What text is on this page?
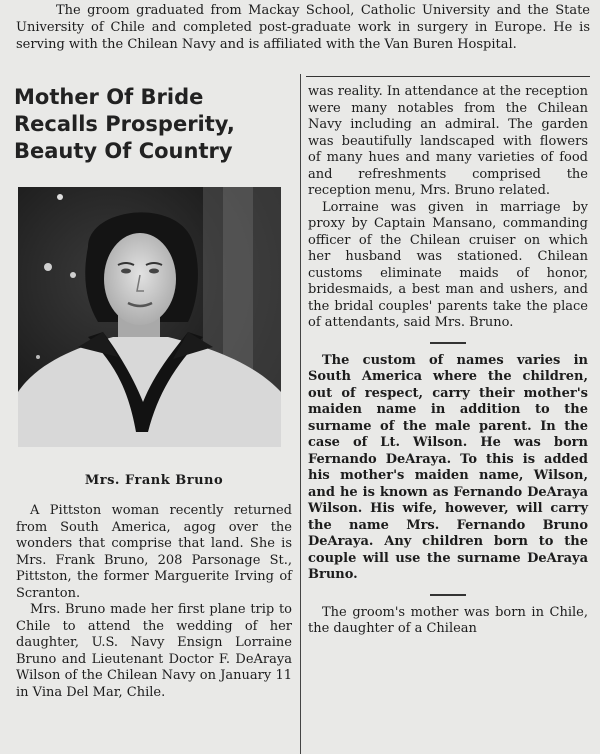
The groom graduated from Mackay School, Catholic University and the State University of Chile and completed post-graduate work in surgery in Europe. He is serving with the Chilean Navy and is affiliated with the Van Buren Hospital.

Mother Of Bride
Recalls Prosperity,
Beauty Of Country
Mrs. Frank Bruno

A Pittston woman recently returned from South America, agog over the wonders that comprise that land. She is Mrs. Frank Bruno, 208 Parsonage St., Pittston, the former Marguerite Irving of Scranton.

Mrs. Bruno made her first plane trip to Chile to attend the wedding of her daughter, U.S. Navy Ensign Lorraine Bruno and Lieutenant Doctor F. DeAraya Wilson of the Chilean Navy on January 11 in Vina Del Mar, Chile.

was reality. In attendance at the reception were many notables from the Chilean Navy including an admiral. The garden was beautifully landscaped with flowers of many hues and many varieties of food and refreshments comprised the reception menu, Mrs. Bruno related.

Lorraine was given in marriage by proxy by Captain Mansano, commanding officer of the Chilean cruiser on which her husband was stationed. Chilean customs eliminate maids of honor, bridesmaids, a best man and ushers, and the bridal couples' parents take the place of attendants, said Mrs. Bruno.

The custom of names varies in South America where the children, out of respect, carry their mother's maiden name in addition to the surname of the male parent. In the case of Lt. Wilson. He was born Fernando DeAraya. To this is added his mother's maiden name, Wilson, and he is known as Fernando DeAraya Wilson. His wife, however, will carry the name Mrs. Fernando Bruno DeAraya. Any children born to the couple will use the surname DeAraya Bruno.

The groom's mother was born in Chile, the daughter of a Chilean
